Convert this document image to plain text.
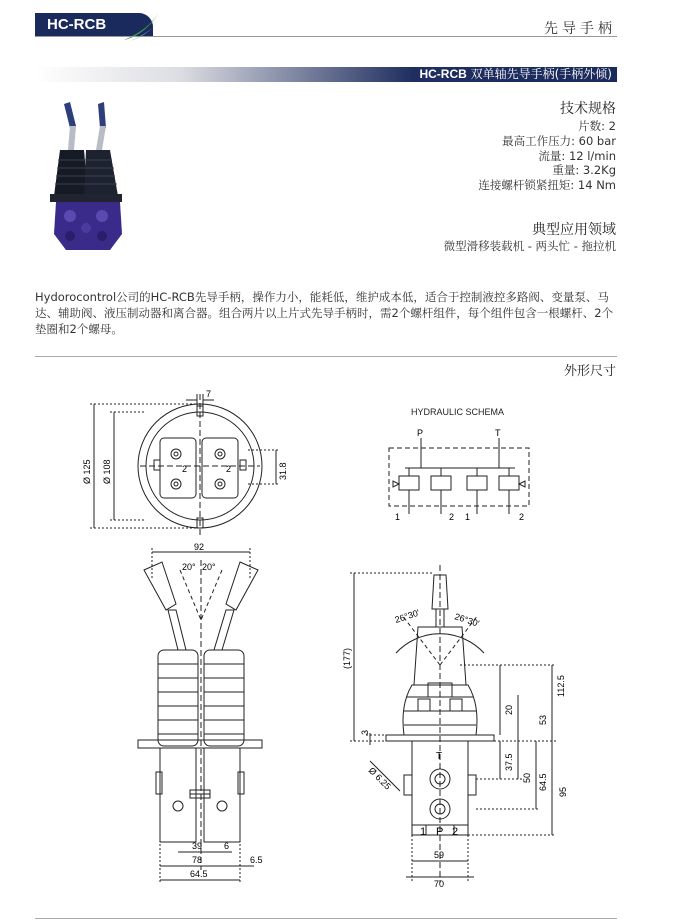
HC-RCB	先导手柄
HC-RCB 双单轴先导手柄(手柄外倾)
技术规格
片数: 2
最高工作压力: 60 bar
流量: 12 l/min
重量: 3.2Kg
连接螺杆锁紧扭矩: 14 Nm
典型应用领域
微型滑移装载机 - 两头忙 - 拖拉机
Hydorocontrol公司的HC-RCB先导手柄，操作力小，能耗低，维护成本低，适合于控制液控多路阀、变量泵、马达、辅助阀、液压制动器和离合器。组合两片以上片式先导手柄时，需2个螺杆组件，每个组件包含一根螺杆、2个垫圈和2个螺母。
外形尺寸
7
Ø 125 Ø 108	31.8
2	2
HYDRAULIC SCHEMA
P	T
1	2 1	2
92
20° 20°
39 6
78	6.5
64.5
26°30'	26°30'
(177)
112.5
20
53
3
T	37.5
50 64.5
95
Ø 6.25
1 P 2
59
70
